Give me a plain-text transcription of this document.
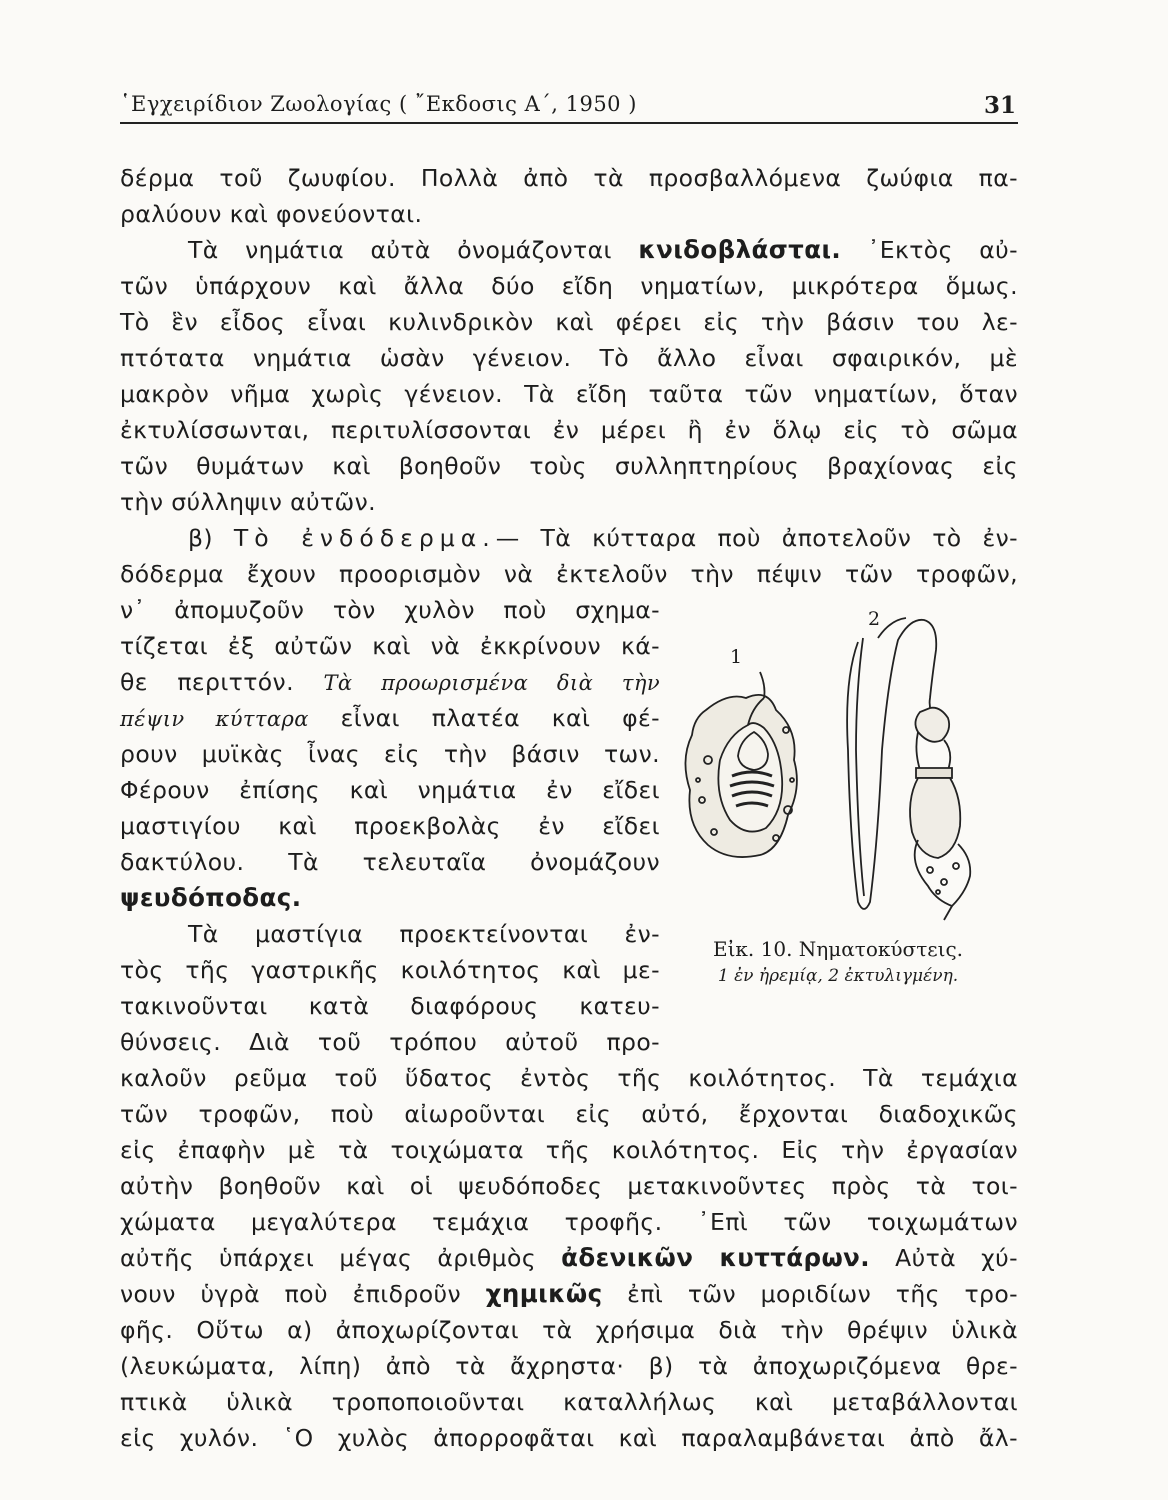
῾Εγχειρίδιον Ζωολογίας ( ῎Εκδοσις Α΄, 1950 )	31
δέρμα τοῦ ζωυφίου. Πολλὰ ἀπὸ τὰ προσβαλλόμενα ζωύφια πα-
ραλύουν καὶ φονεύονται.
Τὰ νημάτια αὐτὰ ὀνομάζονται κνιδοβλάσται. ᾿Εκτὸς αὐ-
τῶν ὑπάρχουν καὶ ἄλλα δύο εἴδη νηματίων, μικρότερα ὅμως.
Τὸ ἓν εἶδος εἶναι κυλινδρικὸν καὶ φέρει εἰς τὴν βάσιν του λε-
πτότατα νημάτια ὡσὰν γένειον. Τὸ ἄλλο εἶναι σφαιρικόν, μὲ
μακρὸν νῆμα χωρὶς γένειον. Τὰ εἴδη ταῦτα τῶν νηματίων, ὅταν
ἐκτυλίσσωνται, περιτυλίσσονται ἐν μέρει ἢ ἐν ὅλῳ εἰς τὸ σῶμα
τῶν θυμάτων καὶ βοηθοῦν τοὺς συλληπτηρίους βραχίονας εἰς
τὴν σύλληψιν αὐτῶν.
β) Τὸ ἐνδόδερμα.— Τὰ κύτταρα ποὺ ἀποτελοῦν τὸ ἐν-
δόδερμα ἔχουν προορισμὸν νὰ ἐκτελοῦν τὴν πέψιν τῶν τροφῶν,
ν᾿ ἀπομυζοῦν τὸν χυλὸν ποὺ σχημα-
τίζεται ἐξ αὐτῶν καὶ νὰ ἐκκρίνουν κά-
θε περιττόν. Τὰ προωρισμένα διὰ τὴν
πέψιν κύτταρα εἶναι πλατέα καὶ φέ-
ρουν μυϊκὰς ἶνας εἰς τὴν βάσιν των.
Φέρουν ἐπίσης καὶ νημάτια ἐν εἴδει
μαστιγίου καὶ προεκβολὰς ἐν εἴδει
δακτύλου. Τὰ τελευταῖα ὀνομάζουν
ψευδόποδας.
Τὰ μαστίγια προεκτείνονται ἐν-
τὸς τῆς γαστρικῆς κοιλότητος καὶ με-
τακινοῦνται κατὰ διαφόρους κατευ-
θύνσεις. Διὰ τοῦ τρόπου αὐτοῦ προ-
καλοῦν ρεῦμα τοῦ ὕδατος ἐντὸς τῆς κοιλότητος. Τὰ τεμάχια
τῶν τροφῶν, ποὺ αἰωροῦνται εἰς αὐτό, ἔρχονται διαδοχικῶς
εἰς ἐπαφὴν μὲ τὰ τοιχώματα τῆς κοιλότητος. Εἰς τὴν ἐργασίαν
αὐτὴν βοηθοῦν καὶ οἱ ψευδόποδες μετακινοῦντες πρὸς τὰ τοι-
χώματα μεγαλύτερα τεμάχια τροφῆς. ᾿Επὶ τῶν τοιχωμάτων
αὐτῆς ὑπάρχει μέγας ἀριθμὸς ἀδενικῶν κυττάρων. Αὐτὰ χύ-
νουν ὑγρὰ ποὺ ἐπιδροῦν χημικῶς ἐπὶ τῶν μοριδίων τῆς τρο-
φῆς. Οὕτω α) ἀποχωρίζονται τὰ χρήσιμα διὰ τὴν θρέψιν ὑλικὰ
(λευκώματα, λίπη) ἀπὸ τὰ ἄχρηστα· β) τὰ ἀποχωριζόμενα θρε-
πτικὰ ὑλικὰ τροποποιοῦνται καταλλήλως καὶ μεταβάλλονται
εἰς χυλόν. ῾Ο χυλὸς ἀπορροφᾶται καὶ παραλαμβάνεται ἀπὸ ἄλ-
1
2
Εἰκ. 10. Νηματοκύστεις.
1 ἐν ἠρεμίᾳ, 2 ἐκτυλιγμένη.
